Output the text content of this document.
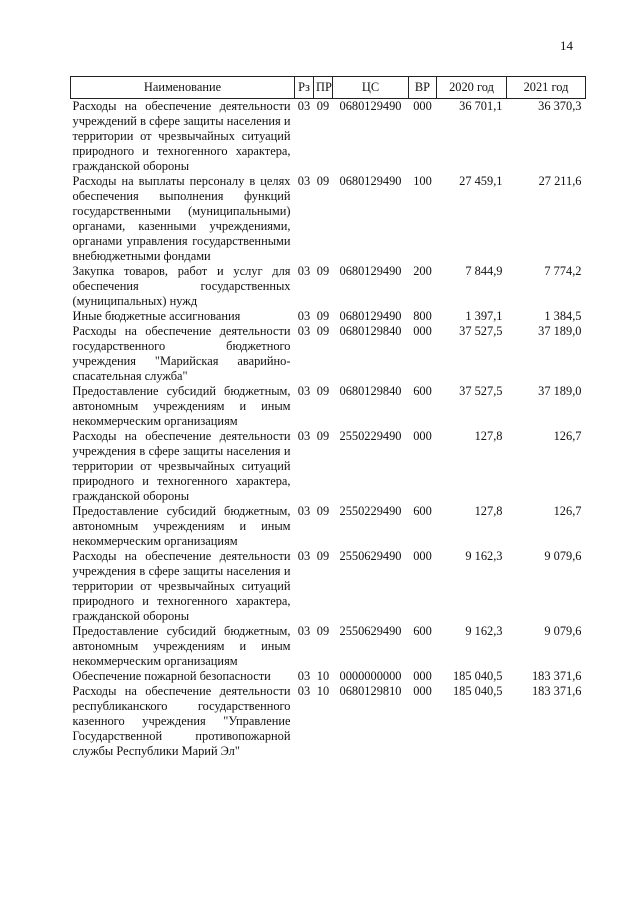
14
Наименование	Рз	ПР	ЦС	ВР	2020 год	2021 год
Расходы на обеспечение деятельности учреждений в сфере защиты населения и территории от чрезвычайных ситуаций природного и техногенного характера, гражданской обороны	03	09	0680129490	000	36 701,1	36 370,3
Расходы на выплаты персоналу в целях обеспечения выполнения функций государственными (муниципальными) органами, казенными учреждениями, органами управления государственными внебюджетными фондами	03	09	0680129490	100	27 459,1	27 211,6
Закупка товаров, работ и услуг для обеспечения государственных (муниципальных) нужд	03	09	0680129490	200	7 844,9	7 774,2
Иные бюджетные ассигнования	03	09	0680129490	800	1 397,1	1 384,5
Расходы на обеспечение деятельности государственного бюджетного учреждения "Марийская аварийно-спасательная служба"	03	09	0680129840	000	37 527,5	37 189,0
Предоставление субсидий бюджетным, автономным учреждениям и иным некоммерческим организациям	03	09	0680129840	600	37 527,5	37 189,0
Расходы на обеспечение деятельности учреждения в сфере защиты населения и территории от чрезвычайных ситуаций природного и техногенного характера, гражданской обороны	03	09	2550229490	000	127,8	126,7
Предоставление субсидий бюджетным, автономным учреждениям и иным некоммерческим организациям	03	09	2550229490	600	127,8	126,7
Расходы на обеспечение деятельности учреждения в сфере защиты населения и территории от чрезвычайных ситуаций природного и техногенного характера, гражданской обороны	03	09	2550629490	000	9 162,3	9 079,6
Предоставление субсидий бюджетным, автономным учреждениям и иным некоммерческим организациям	03	09	2550629490	600	9 162,3	9 079,6
Обеспечение пожарной безопасности	03	10	0000000000	000	185 040,5	183 371,6
Расходы на обеспечение деятельности республиканского государственного казенного учреждения "Управление Государственной противопожарной службы Республики Марий Эл"	03	10	0680129810	000	185 040,5	183 371,6
